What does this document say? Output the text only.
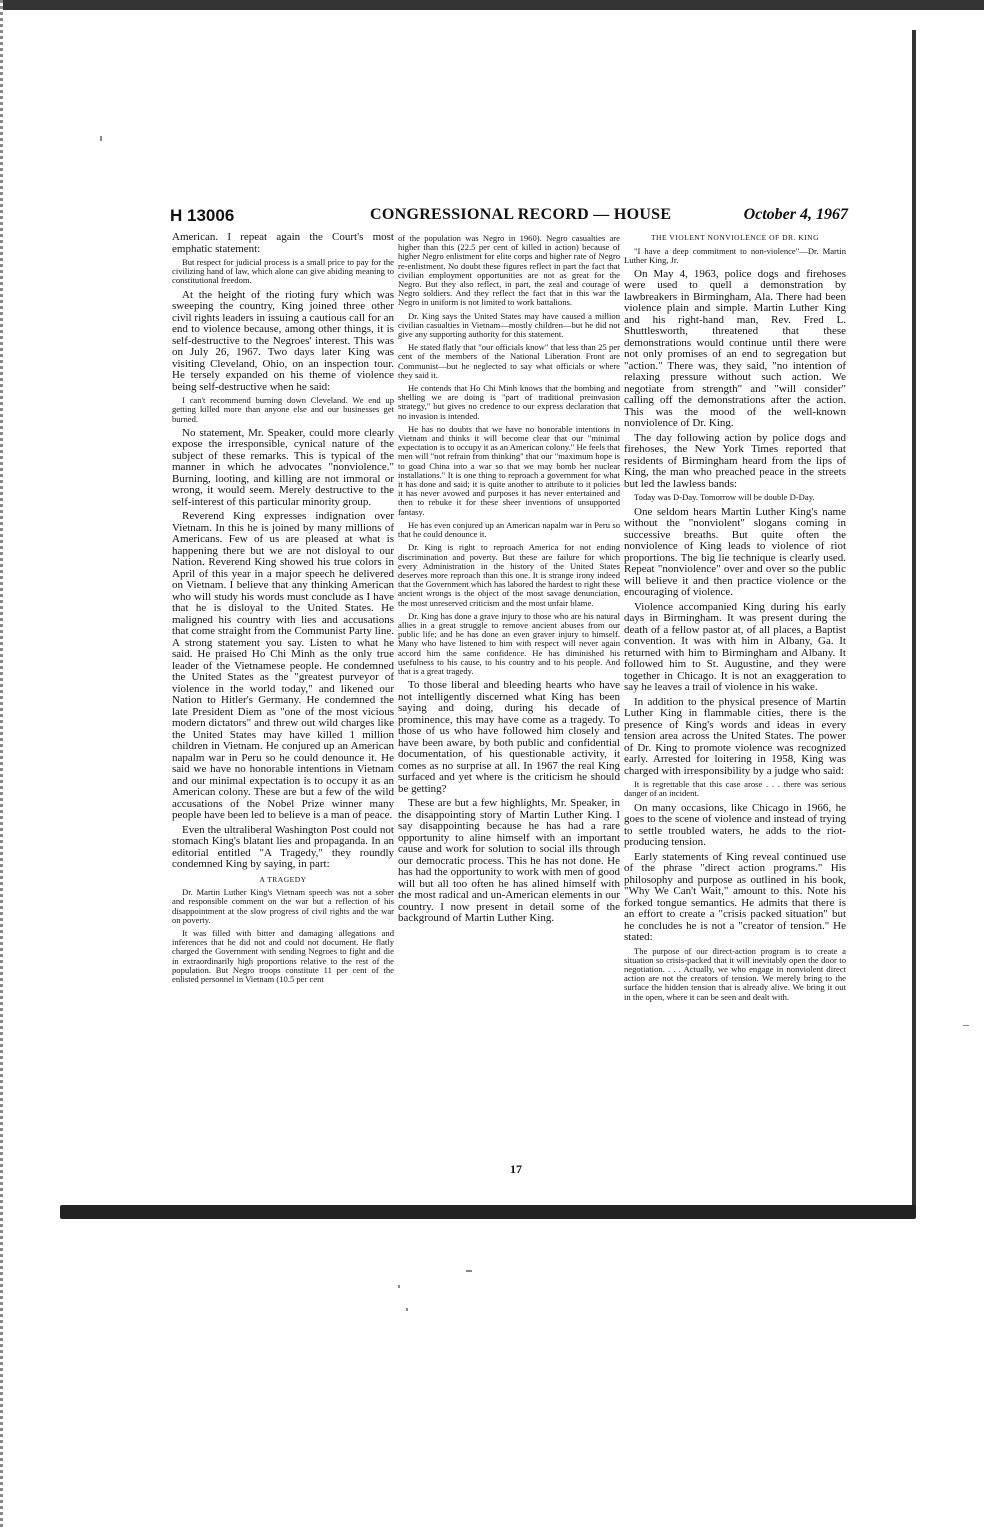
H 13006	CONGRESSIONAL RECORD — HOUSE	October 4, 1967

American. I repeat again the Court's most emphatic statement:

But respect for judicial process is a small price to pay for the civilizing hand of law, which alone can give abiding meaning to constitutional freedom.

At the height of the rioting fury which was sweeping the country, King joined three other civil rights leaders in issuing a cautious call for an end to violence because, among other things, it is self-destructive to the Negroes' interest. This was on July 26, 1967. Two days later King was visiting Cleveland, Ohio, on an inspection tour. He tersely expanded on his theme of violence being self-destructive when he said:

I can't recommend burning down Cleveland. We end up getting killed more than anyone else and our businesses get burned.

No statement, Mr. Speaker, could more clearly expose the irresponsible, cynical nature of the subject of these remarks. This is typical of the manner in which he advocates "nonviolence." Burning, looting, and killing are not immoral or wrong, it would seem. Merely destructive to the self-interest of this particular minority group.

Reverend King expresses indignation over Vietnam. In this he is joined by many millions of Americans. Few of us are pleased at what is happening there but we are not disloyal to our Nation. Reverend King showed his true colors in April of this year in a major speech he delivered on Vietnam. I believe that any thinking American who will study his words must conclude as I have that he is disloyal to the United States. He maligned his country with lies and accusations that come straight from the Communist Party line. A strong statement you say. Listen to what he said. He praised Ho Chi Minh as the only true leader of the Vietnamese people. He condemned the United States as the "greatest purveyor of violence in the world today," and likened our Nation to Hitler's Germany. He condemned the late President Diem as "one of the most vicious modern dictators" and threw out wild charges like the United States may have killed 1 million children in Vietnam. He conjured up an American napalm war in Peru so he could denounce it. He said we have no honorable intentions in Vietnam and our minimal expectation is to occupy it as an American colony. These are but a few of the wild accusations of the Nobel Prize winner many people have been led to believe is a man of peace.

Even the ultraliberal Washington Post could not stomach King's blatant lies and propaganda. In an editorial entitled "A Tragedy," they roundly condemned King by saying, in part:

A TRAGEDY

Dr. Martin Luther King's Vietnam speech was not a sober and responsible comment on the war but a reflection of his disappointment at the slow progress of civil rights and the war on poverty.

It was filled with bitter and damaging allegations and inferences that he did not and could not document. He flatly charged the Government with sending Negroes to fight and die in extraordinarily high proportions relative to the rest of the population. But Negro troops constitute 11 per cent of the enlisted personnel in Vietnam (10.5 per cent

of the population was Negro in 1960). Negro casualties are higher than this (22.5 per cent of killed in action) because of higher Negro enlistment for elite corps and higher rate of Negro re-enlistment. No doubt these figures reflect in part the fact that civilian employment opportunities are not as great for the Negro. But they also reflect, in part, the zeal and courage of Negro soldiers. And they reflect the fact that in this war the Negro in uniform is not limited to work battalions.

Dr. King says the United States may have caused a million civilian casualties in Vietnam—mostly children—but he did not give any supporting authority for this statement.

He stated flatly that "our officials know" that less than 25 per cent of the members of the National Liberation Front are Communist—but he neglected to say what officials or where they said it.

He contends that Ho Chi Minh knows that the bombing and shelling we are doing is "part of traditional preinvasion strategy," but gives no credence to our express declaration that no invasion is intended.

He has no doubts that we have no honorable intentions in Vietnam and thinks it will become clear that our "minimal expectation is to occupy it as an American colony." He feels that men will "not refrain from thinking" that our "maximum hope is to goad China into a war so that we may bomb her nuclear installations." It is one thing to reproach a government for what it has done and said; it is quite another to attribute to it policies it has never avowed and purposes it has never entertained and then to rebuke it for these sheer inventions of unsupported fantasy.

He has even conjured up an American napalm war in Peru so that he could denounce it.

Dr. King is right to reproach America for not ending discrimination and poverty. But these are failure for which every Administration in the history of the United States deserves more reproach than this one. It is strange irony indeed that the Government which has labored the hardest to right these ancient wrongs is the object of the most savage denunciation, the most unreserved criticism and the most unfair blame.

Dr. King has done a grave injury to those who are his natural allies in a great struggle to remove ancient abuses from our public life; and he has done an even graver injury to himself. Many who have listened to him with respect will never again accord him the same confidence. He has diminished his usefulness to his cause, to his country and to his people. And that is a great tragedy.

To those liberal and bleeding hearts who have not intelligently discerned what King has been saying and doing, during his decade of prominence, this may have come as a tragedy. To those of us who have followed him closely and have been aware, by both public and confidential documentation, of his questionable activity, it comes as no surprise at all. In 1967 the real King surfaced and yet where is the criticism he should be getting?

These are but a few highlights, Mr. Speaker, in the disappointing story of Martin Luther King. I say disappointing because he has had a rare opportunity to aline himself with an important cause and work for solution to social ills through our democratic process. This he has not done. He has had the opportunity to work with men of good will but all too often he has alined himself with the most radical and un-American elements in our country. I now present in detail some of the background of Martin Luther King.

THE VIOLENT NONVIOLENCE OF DR. KING

"I have a deep commitment to non-violence"—Dr. Martin Luther King, Jr.

On May 4, 1963, police dogs and firehoses were used to quell a demonstration by lawbreakers in Birmingham, Ala. There had been violence plain and simple. Martin Luther King and his right-hand man, Rev. Fred L. Shuttlesworth, threatened that these demonstrations would continue until there were not only promises of an end to segregation but "action." There was, they said, "no intention of relaxing pressure without such action. We negotiate from strength" and "will consider" calling off the demonstrations after the action. This was the mood of the well-known nonviolence of Dr. King.

The day following action by police dogs and firehoses, the New York Times reported that residents of Birmingham heard from the lips of King, the man who preached peace in the streets but led the lawless bands:

Today was D-Day. Tomorrow will be double D-Day.

One seldom hears Martin Luther King's name without the "nonviolent" slogans coming in successive breaths. But quite often the nonviolence of King leads to violence of riot proportions. The big lie technique is clearly used. Repeat "nonviolence" over and over so the public will believe it and then practice violence or the encouraging of violence.

Violence accompanied King during his early days in Birmingham. It was present during the death of a fellow pastor at, of all places, a Baptist convention. It was with him in Albany, Ga. It returned with him to Birmingham and Albany. It followed him to St. Augustine, and they were together in Chicago. It is not an exaggeration to say he leaves a trail of violence in his wake.

In addition to the physical presence of Martin Luther King in flammable cities, there is the presence of King's words and ideas in every tension area across the United States. The power of Dr. King to promote violence was recognized early. Arrested for loitering in 1958, King was charged with irresponsibility by a judge who said:

It is regrettable that this case arose . . . there was serious danger of an incident.

On many occasions, like Chicago in 1966, he goes to the scene of violence and instead of trying to settle troubled waters, he adds to the riot-producing tension.

Early statements of King reveal continued use of the phrase "direct action programs." His philosophy and purpose as outlined in his book, "Why We Can't Wait," amount to this. Note his forked tongue semantics. He admits that there is an effort to create a "crisis packed situation" but he concludes he is not a "creator of tension." He stated:

The purpose of our direct-action program is to create a situation so crisis-packed that it will inevitably open the door to negotiation. . . . Actually, we who engage in nonviolent direct action are not the creators of tension. We merely bring to the surface the hidden tension that is already alive. We bring it out in the open, where it can be seen and dealt with.

17
